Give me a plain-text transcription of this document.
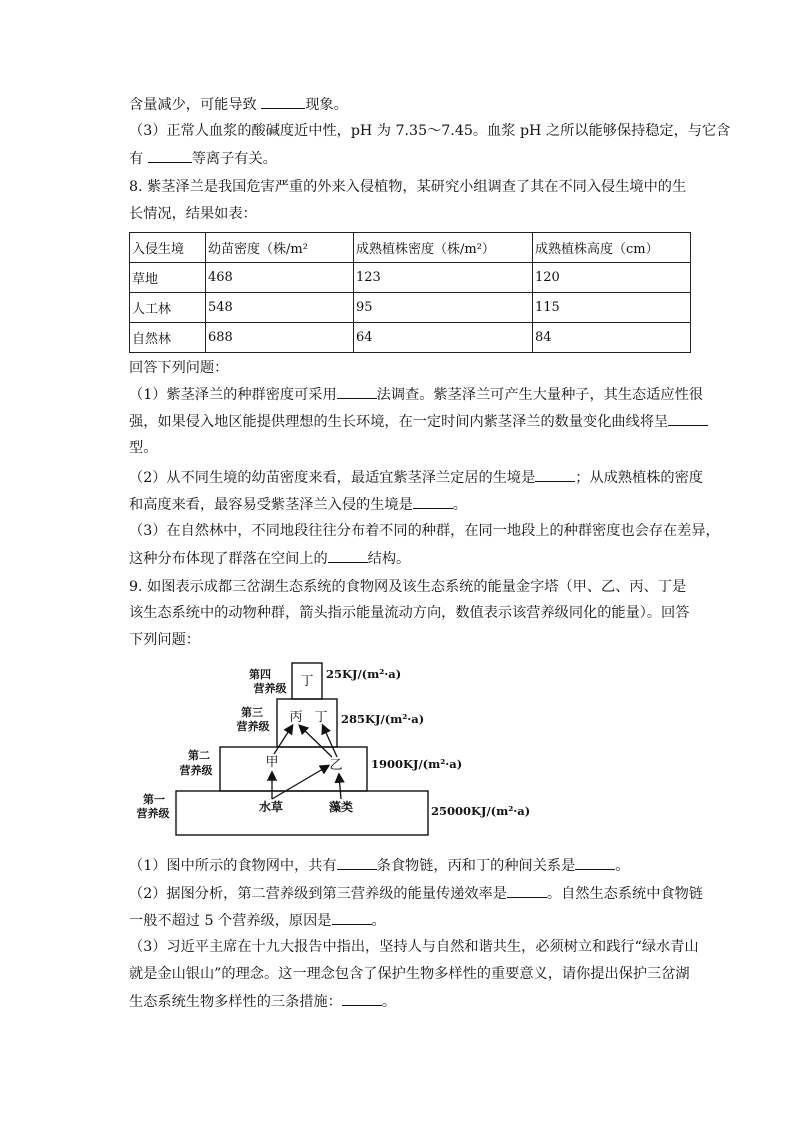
含量减少，可能导致	现象。
（3）正常人血浆的酸碱度近中性，pH 为 7.35～7.45。血浆 pH 之所以能够保持稳定，与它含
有	等离子有关。
8. 紫茎泽兰是我国危害严重的外来入侵植物，某研究小组调查了其在不同入侵生境中的生
长情况，结果如表：
入侵生境	幼苗密度（株/m²	成熟植株密度（株/m²）	成熟植株高度（cm）
草地	468	123	120
人工林	548	95	115
自然林	688	64	84
回答下列问题：
（1）紫茎泽兰的种群密度可采用	法调查。紫茎泽兰可产生大量种子，其生态适应性很
强，如果侵入地区能提供理想的生长环境，在一定时间内紫茎泽兰的数量变化曲线将呈
型。
（2）从不同生境的幼苗密度来看，最适宜紫茎泽兰定居的生境是	；从成熟植株的密度
和高度来看，最容易受紫茎泽兰入侵的生境是	。
（3）在自然林中，不同地段往往分布着不同的种群，在同一地段上的种群密度也会存在差异，
这种分布体现了群落在空间上的	结构。
9. 如图表示成都三岔湖生态系统的食物网及该生态系统的能量金字塔（甲、乙、丙、丁是
该生态系统中的动物种群，箭头指示能量流动方向，数值表示该营养级同化的能量）。回答
下列问题：
第四
营养级
第三
营养级
第二
营养级
第一
营养级
25KJ/(m²·a)
285KJ/(m²·a)
1900KJ/(m²·a)
25000KJ/(m²·a)
丁
丙 丁
甲	乙
水草	藻类
（1）图中所示的食物网中，共有	条食物链，丙和丁的种间关系是	。
（2）据图分析，第二营养级到第三营养级的能量传递效率是	。自然生态系统中食物链
一般不超过 5 个营养级，原因是	。
（3）习近平主席在十九大报告中指出，坚持人与自然和谐共生，必须树立和践行“绿水青山
就是金山银山”的理念。这一理念包含了保护生物多样性的重要意义，请你提出保护三岔湖
生态系统生物多样性的三条措施：	。
